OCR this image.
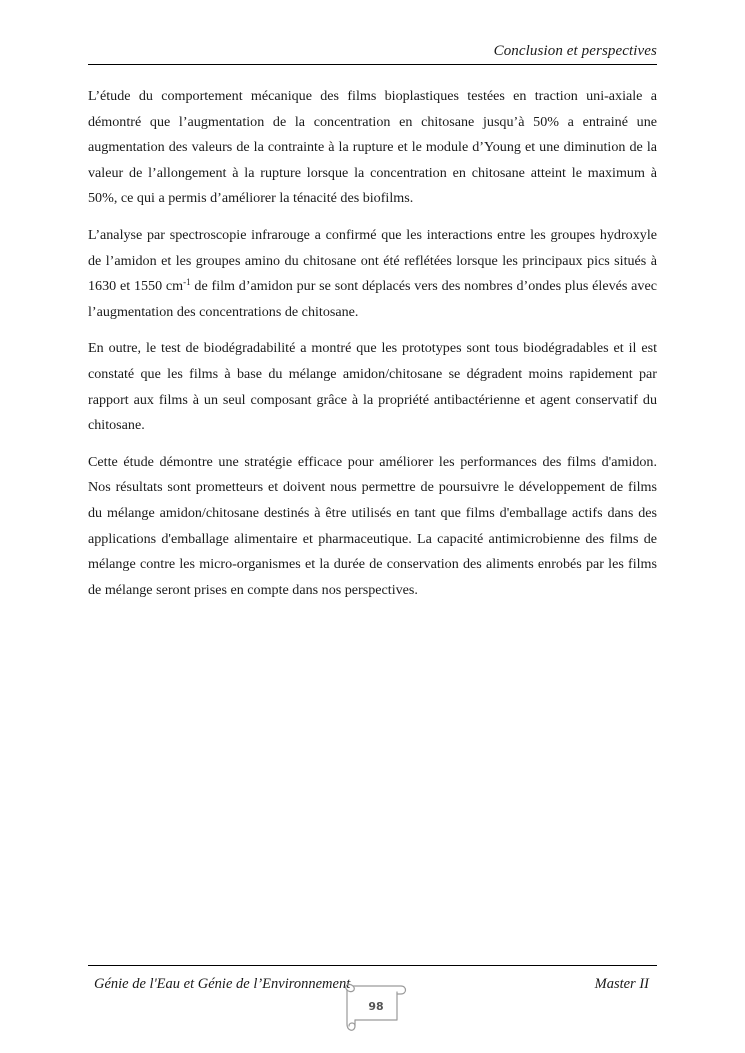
Conclusion et perspectives

L’étude du comportement mécanique des films bioplastiques testées en traction uni-axiale a démontré que l’augmentation de la concentration en chitosane jusqu’à 50% a entrainé une augmentation des valeurs de la contrainte à la rupture et le module d’Young et une diminution de la valeur de l’allongement à la rupture lorsque la concentration en chitosane atteint le maximum à 50%, ce qui a permis d’améliorer la ténacité des biofilms.

L’analyse par spectroscopie infrarouge a confirmé que les interactions entre les groupes hydroxyle de l’amidon et les groupes amino du chitosane ont été reflétées lorsque les principaux pics situés à 1630 et 1550 $cm^{-1}$ de film d’amidon pur se sont déplacés vers des nombres d’ondes plus élevés avec l’augmentation des concentrations de chitosane.

En outre, le test de biodégradabilité a montré que les prototypes sont tous biodégradables et il est constaté que les films à base du mélange amidon/chitosane se dégradent moins rapidement par rapport aux films à un seul composant grâce à la propriété antibactérienne et agent conservatif du chitosane.

Cette étude démontre une stratégie efficace pour améliorer les performances des films d'amidon. Nos résultats sont prometteurs et doivent nous permettre de poursuivre le développement de films du mélange amidon/chitosane destinés à être utilisés en tant que films d'emballage actifs dans des applications d'emballage alimentaire et pharmaceutique. La capacité antimicrobienne des films de mélange contre les micro-organismes et la durée de conservation des aliments enrobés par les films de mélange seront prises en compte dans nos perspectives.

Génie de l'Eau et Génie de l’Environnement	Master II
98
